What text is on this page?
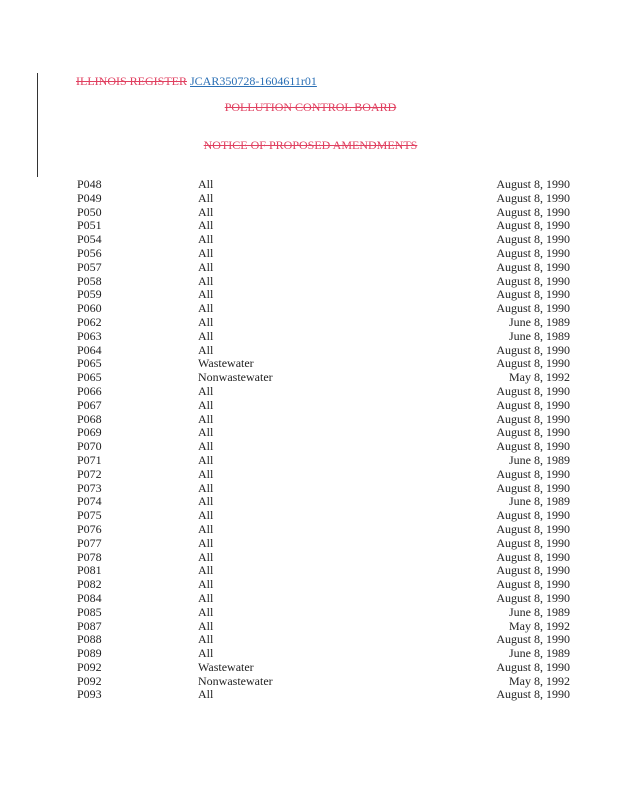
ILLINOIS REGISTER JCAR350728-1604611r01
POLLUTION CONTROL BOARD
NOTICE OF PROPOSED AMENDMENTS
P048	All	August 8, 1990
P049	All	August 8, 1990
P050	All	August 8, 1990
P051	All	August 8, 1990
P054	All	August 8, 1990
P056	All	August 8, 1990
P057	All	August 8, 1990
P058	All	August 8, 1990
P059	All	August 8, 1990
P060	All	August 8, 1990
P062	All	June 8, 1989
P063	All	June 8, 1989
P064	All	August 8, 1990
P065	Wastewater	August 8, 1990
P065	Nonwastewater	May 8, 1992
P066	All	August 8, 1990
P067	All	August 8, 1990
P068	All	August 8, 1990
P069	All	August 8, 1990
P070	All	August 8, 1990
P071	All	June 8, 1989
P072	All	August 8, 1990
P073	All	August 8, 1990
P074	All	June 8, 1989
P075	All	August 8, 1990
P076	All	August 8, 1990
P077	All	August 8, 1990
P078	All	August 8, 1990
P081	All	August 8, 1990
P082	All	August 8, 1990
P084	All	August 8, 1990
P085	All	June 8, 1989
P087	All	May 8, 1992
P088	All	August 8, 1990
P089	All	June 8, 1989
P092	Wastewater	August 8, 1990
P092	Nonwastewater	May 8, 1992
P093	All	August 8, 1990
